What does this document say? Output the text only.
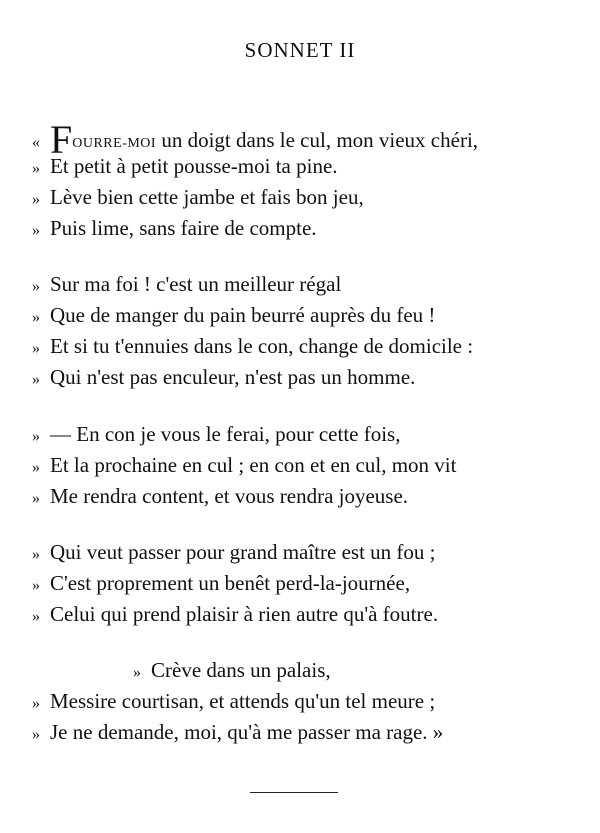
SONNET II
« FOURRE-MOI un doigt dans le cul, mon vieux chéri,
» Et petit à petit pousse-moi ta pine.
» Lève bien cette jambe et fais bon jeu,
» Puis lime, sans faire de compte.
» Sur ma foi ! c'est un meilleur régal
» Que de manger du pain beurré auprès du feu !
» Et si tu t'ennuies dans le con, change de domicile :
» Qui n'est pas enculeur, n'est pas un homme.
» — En con je vous le ferai, pour cette fois,
» Et la prochaine en cul ; en con et en cul, mon vit
» Me rendra content, et vous rendra joyeuse.
» Qui veut passer pour grand maître est un fou ;
» C'est proprement un benêt perd-la-journée,
» Celui qui prend plaisir à rien autre qu'à foutre.
» Crève dans un palais,
» Messire courtisan, et attends qu'un tel meure ;
» Je ne demande, moi, qu'à me passer ma rage. »
